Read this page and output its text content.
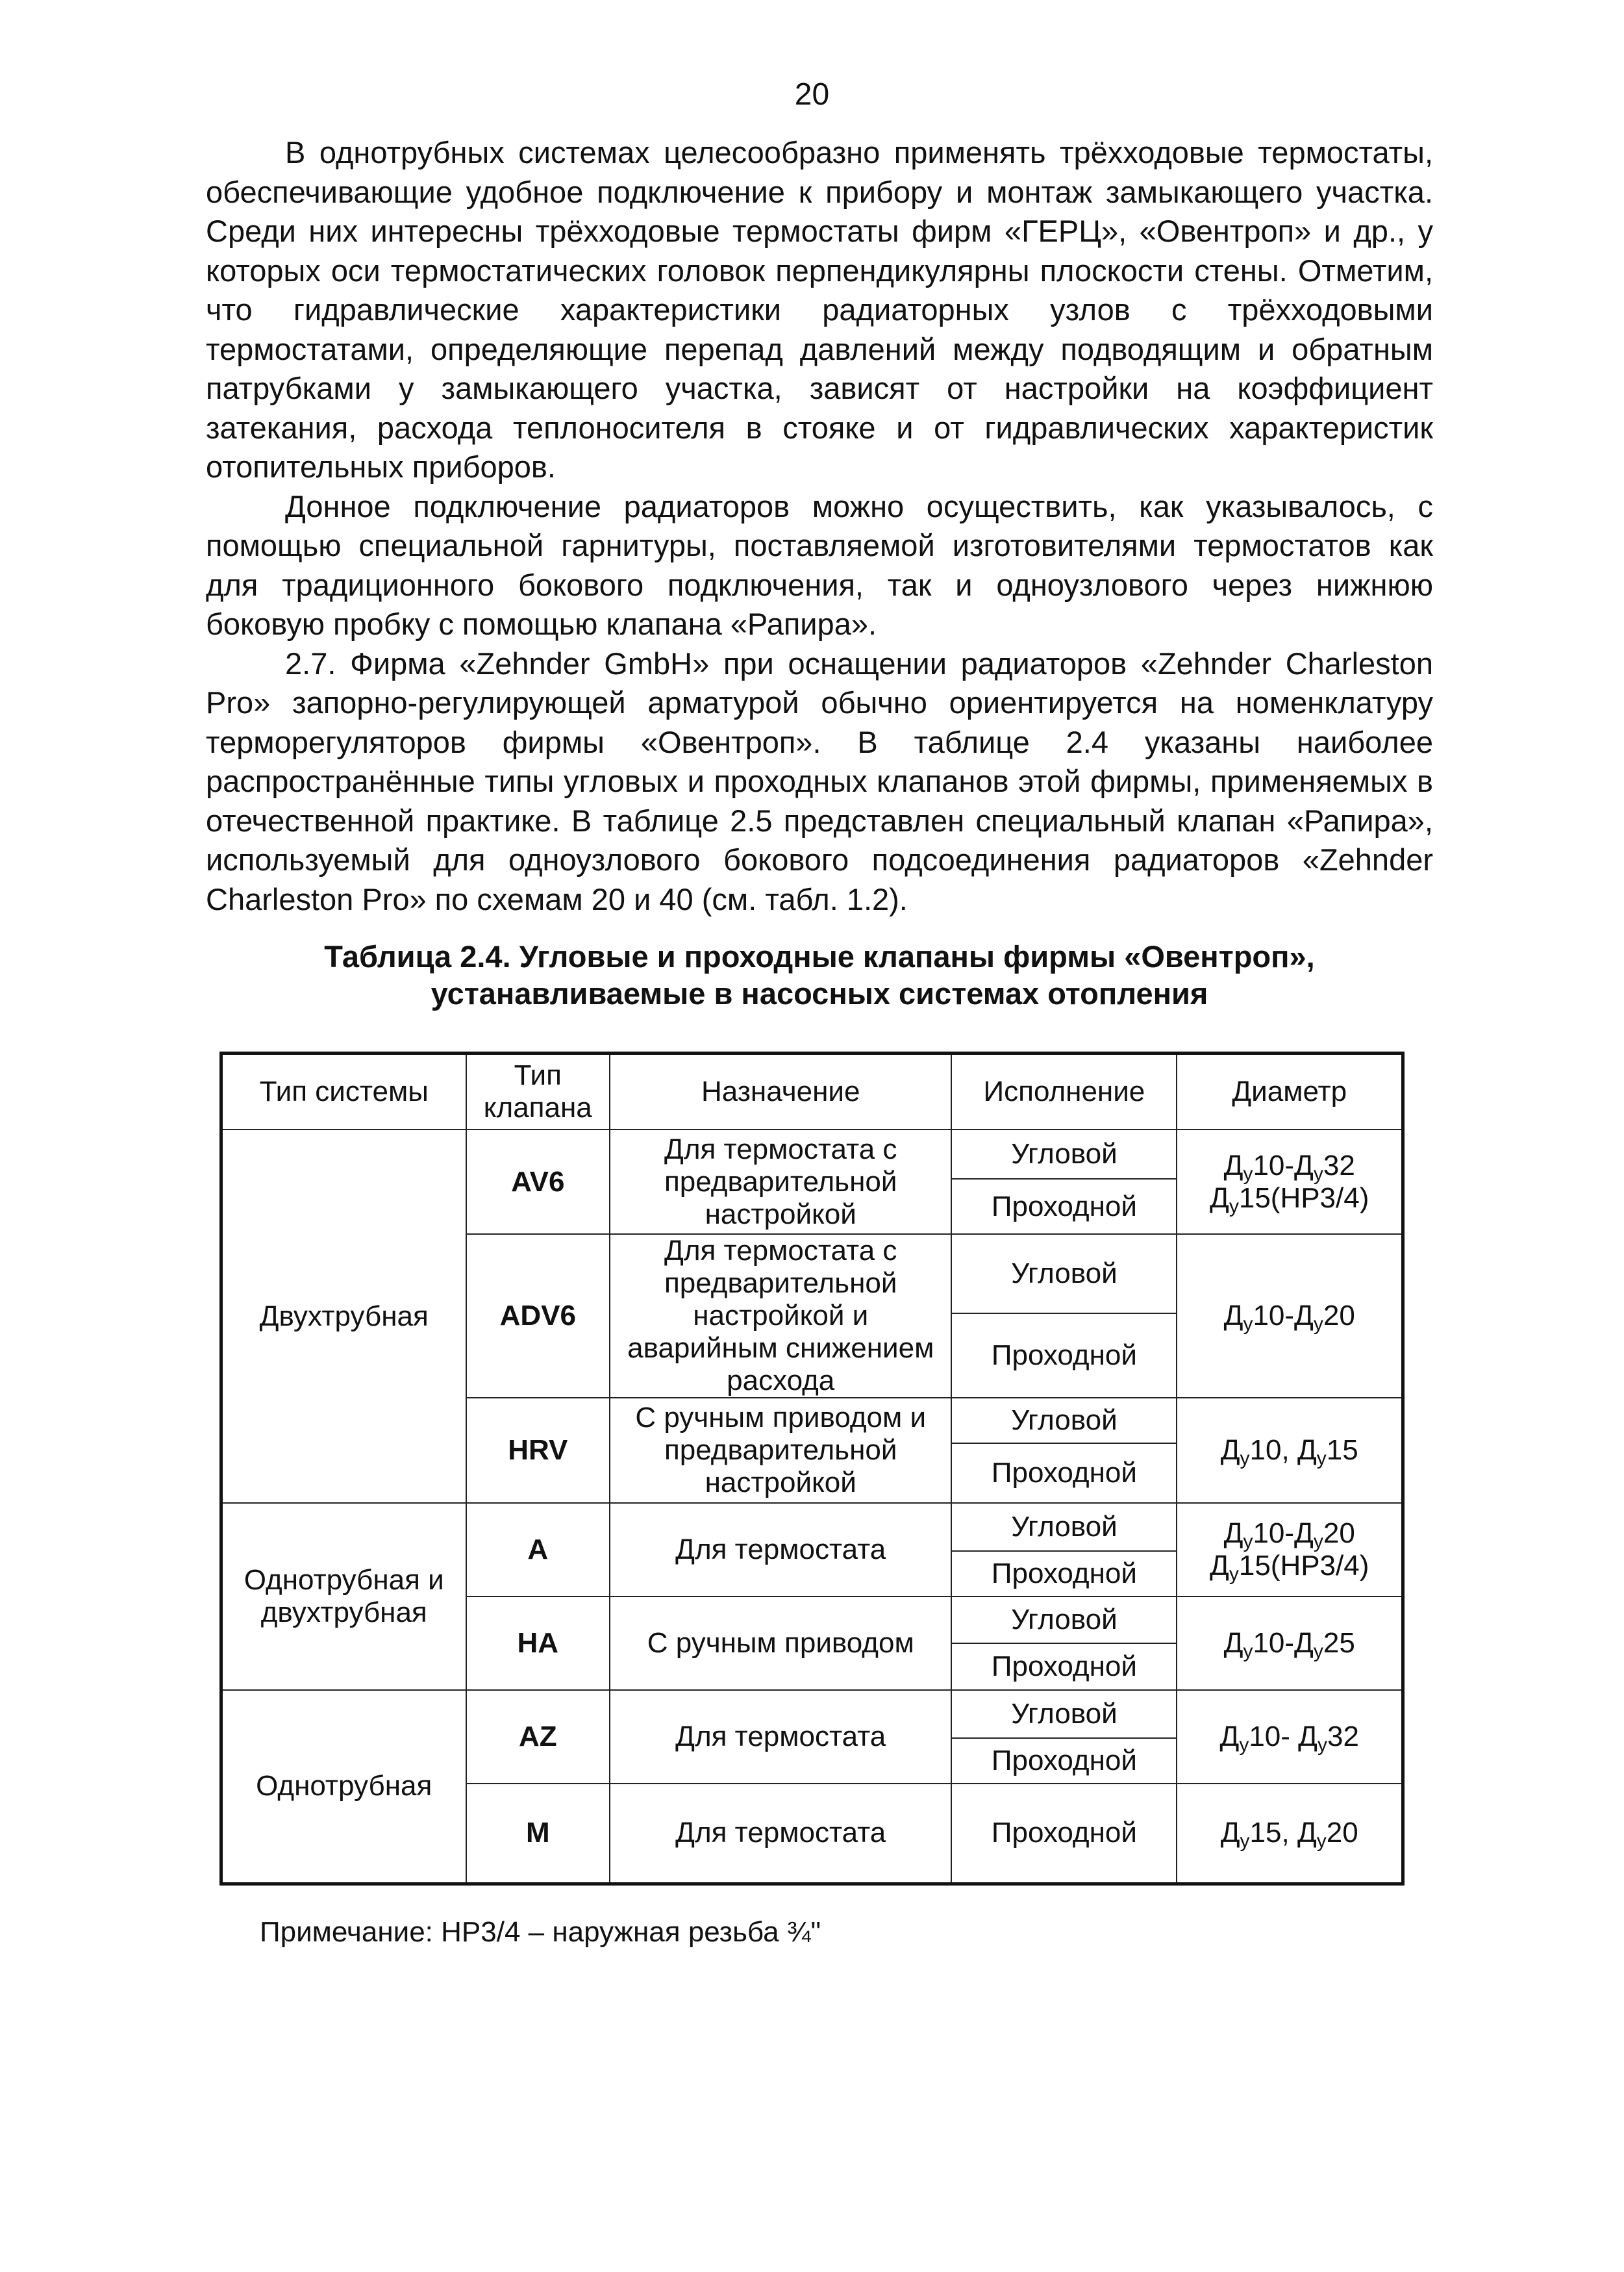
20

В однотрубных системах целесообразно применять трёхходовые термостаты, обеспечивающие удобное подключение к прибору и монтаж замыкающего участка. Среди них интересны трёхходовые термостаты фирм «ГЕРЦ», «Овентроп» и др., у которых оси термостатических головок перпендикулярны плоскости стены. Отметим, что гидравлические характеристики радиаторных узлов с трёхходовыми термостатами, определяющие перепад давлений между подводящим и обратным патрубками у замыкающего участка, зависят от настройки на коэффициент затекания, расхода теплоносителя в стояке и от гидравлических характеристик отопительных приборов.

Донное подключение радиаторов можно осуществить, как указывалось, с помощью специальной гарнитуры, поставляемой изготовителями термостатов как для традиционного бокового подключения, так и одноузлового через нижнюю боковую пробку с помощью клапана «Рапира».

2.7. Фирма «Zehnder GmbH» при оснащении радиаторов «Zehnder Charleston Pro» запорно-регулирующей арматурой обычно ориентируется на номенклатуру терморегуляторов фирмы «Овентроп». В таблице 2.4 указаны наиболее распространённые типы угловых и проходных клапанов этой фирмы, применяемых в отечественной практике. В таблице 2.5 представлен специальный клапан «Рапира», используемый для одноузлового бокового подсоединения радиаторов «Zehnder Charleston Pro» по схемам 20 и 40 (см. табл. 1.2).

Таблица 2.4. Угловые и проходные клапаны фирмы «Овентроп»,
устанавливаемые в насосных системах отопления
Тип системы	Тип клапана	Назначение	Исполнение	Диаметр
Двухтрубная	AV6	Для термостата с предварительной настройкой	Угловой	$Д_у10-Д_у32$
$Д_у15(НР3/4)$

			Проходной	
	ADV6	Для термостата с предварительной настройкой и аварийным снижением расхода	Угловой	$Д_у10-Д_у20$

			Проходной	
	HRV	С ручным приводом и предварительной настройкой	Угловой	$Д_у10$, $Д_у15$

			Проходной	
Однотрубная и двухтрубная	A	Для термостата	Угловой	$Д_у10-Д_у20$
$Д_у15(НР3/4)$

			Проходной	
	HA	С ручным приводом	Угловой	$Д_у10-Д_у25$

			Проходной	
Однотрубная	AZ	Для термостата	Угловой	$Д_у10-$ $Д_у32$

			Проходной	
	M	Для термостата	Проходной	$Д_у15$, $Д_у20$
Примечание: НР3/4 – наружная резьба ¾"
